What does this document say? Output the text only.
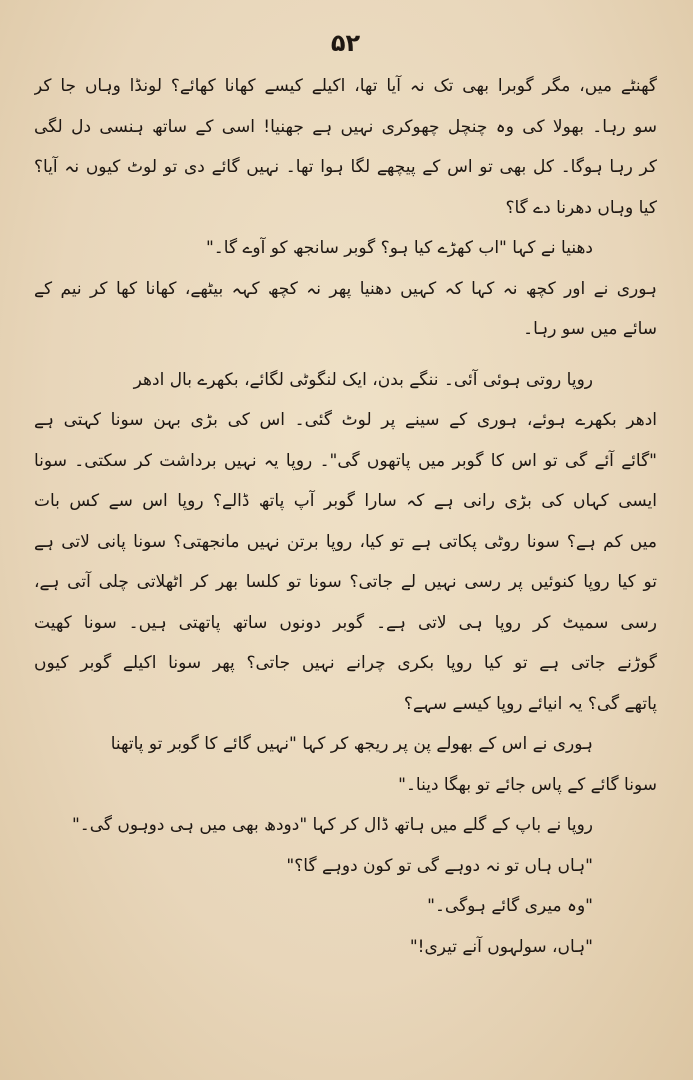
۵۲
گھنٹے میں، مگر گوبرا بھی تک نہ آیا تھا، اکیلے کیسے کھانا کھائے؟ لونڈا وہاں جا کر
سو رہا۔ بھولا کی وہ چنچل چھوکری نہیں ہے جھنیا! اسی کے ساتھ ہنسی دل لگی
کر رہا ہوگا۔ کل بھی تو اس کے پیچھے لگا ہوا تھا۔ نہیں گائے دی تو لوٹ کیوں نہ آیا؟
کیا وہاں دھرنا دے گا؟
دھنیا نے کہا "اب کھڑے کیا ہو؟ گوبر سانجھ کو آوے گا۔"
ہوری نے اور کچھ نہ کہا کہ کہیں دھنیا پھر نہ کچھ کہہ بیٹھے، کھانا کھا کر نیم کے
سائے میں سو رہا۔
روپا روتی ہوئی آئی۔ ننگے بدن، ایک لنگوٹی لگائے، بکھرے بال ادھر
ادھر بکھرے ہوئے، ہوری کے سینے پر لوٹ گئی۔ اس کی بڑی بہن سونا کہتی ہے
"گائے آئے گی تو اس کا گوبر میں پاتھوں گی"۔ روپا یہ نہیں برداشت کر سکتی۔ سونا
ایسی کہاں کی بڑی رانی ہے کہ سارا گوبر آپ پاتھ ڈالے؟ روپا اس سے کس بات
میں کم ہے؟ سونا روٹی پکاتی ہے تو کیا، روپا برتن نہیں مانجھتی؟ سونا پانی لاتی ہے
تو کیا روپا کنوئیں پر رسی نہیں لے جاتی؟ سونا تو کلسا بھر کر اٹھلاتی چلی آتی ہے،
رسی سمیٹ کر روپا ہی لاتی ہے۔ گوبر دونوں ساتھ پاتھتی ہیں۔ سونا کھیت
گوڑنے جاتی ہے تو کیا روپا بکری چرانے نہیں جاتی؟ پھر سونا اکیلے گوبر کیوں
پاتھے گی؟ یہ انیائے روپا کیسے سہے؟
ہوری نے اس کے بھولے پن پر ریجھ کر کہا "نہیں گائے کا گوبر تو پاتھنا
سونا گائے کے پاس جائے تو بھگا دینا۔"
روپا نے باپ کے گلے میں ہاتھ ڈال کر کہا "دودھ بھی میں ہی دوہوں گی۔"
"ہاں ہاں تو نہ دوہے گی تو کون دوہے گا؟"
"وہ میری گائے ہوگی۔"
"ہاں، سولہوں آنے تیری!"
